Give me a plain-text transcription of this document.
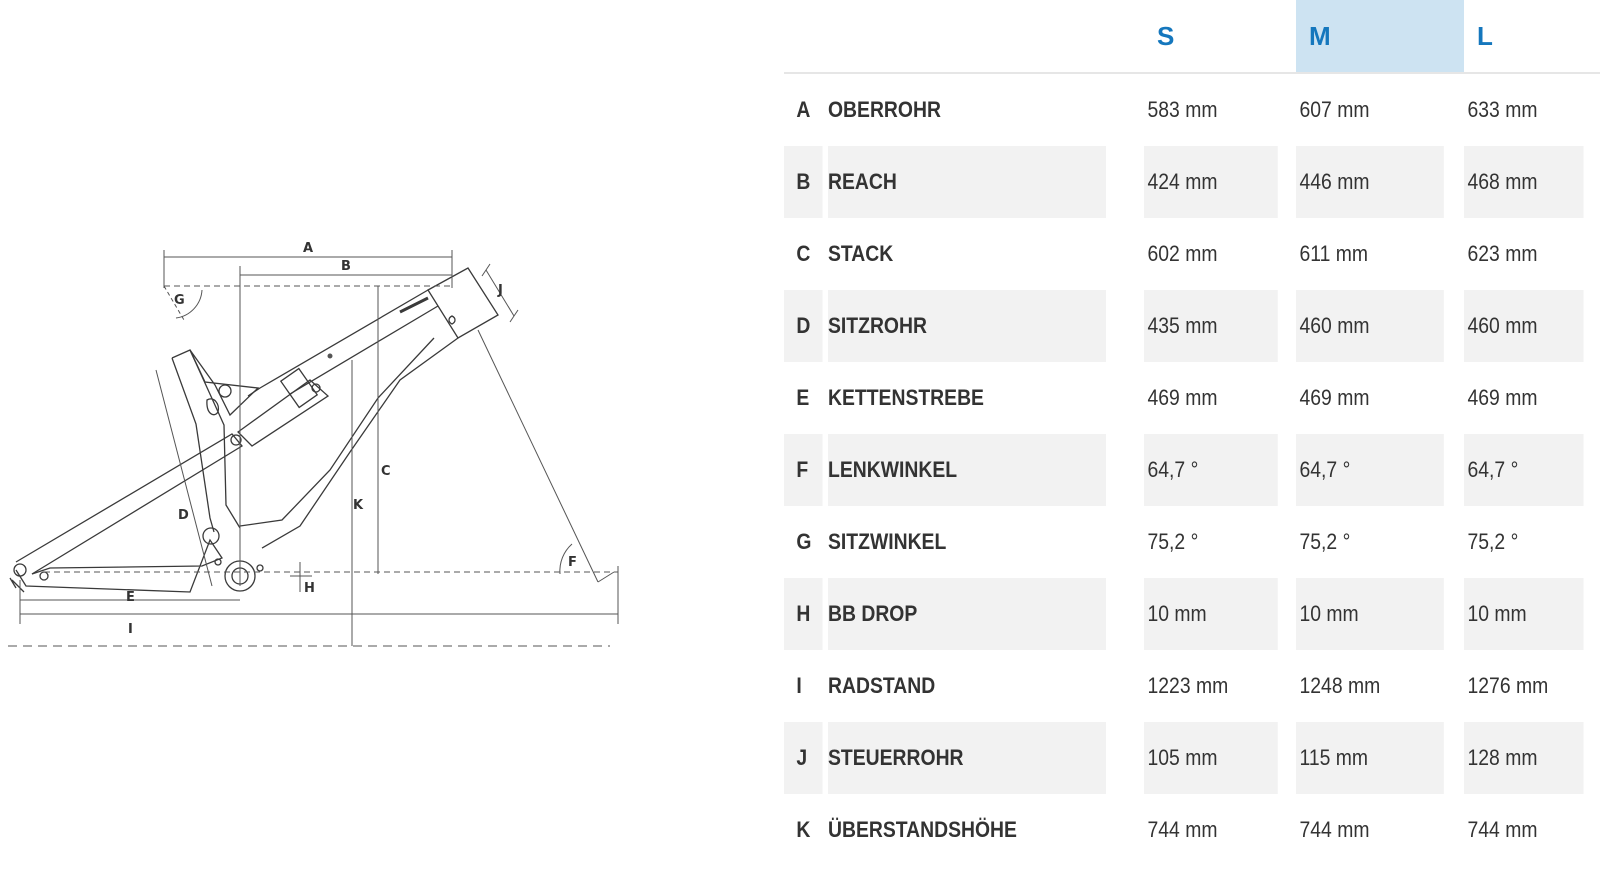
A
B
C
D
E
F
G
H
I
J
K
		S	M	L
A	OBERROHR	583 mm	607 mm	633 mm
B	REACH	424 mm	446 mm	468 mm
C	STACK	602 mm	611 mm	623 mm
D	SITZROHR	435 mm	460 mm	460 mm
E	KETTENSTREBE	469 mm	469 mm	469 mm
F	LENKWINKEL	64,7 °	64,7 °	64,7 °
G	SITZWINKEL	75,2 °	75,2 °	75,2 °
H	BB DROP	10 mm	10 mm	10 mm
I	RADSTAND	1223 mm	1248 mm	1276 mm
J	STEUERROHR	105 mm	115 mm	128 mm
K	ÜBERSTANDSHÖHE	744 mm	744 mm	744 mm
